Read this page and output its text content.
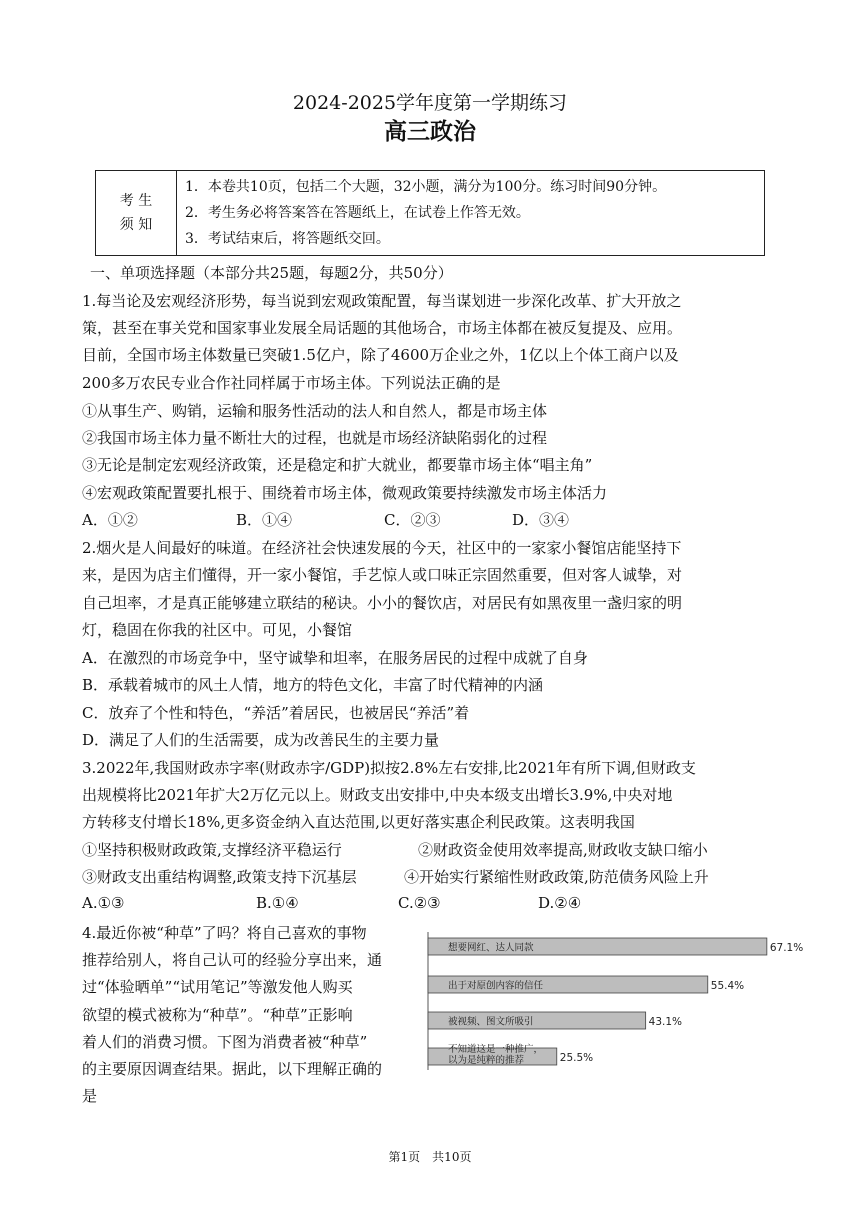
2024-2025学年度第一学期练习
高三政治
考 生
须 知

1．本卷共10页，包括二个大题，32小题，满分为100分。练习时间90分钟。
2．考生务必将答案答在答题纸上，在试卷上作答无效。
3．考试结束后，将答题纸交回。
一、单项选择题（本部分共25题，每题2分，共50分）
1.每当论及宏观经济形势，每当说到宏观政策配置，每当谋划进一步深化改革、扩大开放之
策，甚至在事关党和国家事业发展全局话题的其他场合，市场主体都在被反复提及、应用。
目前，全国市场主体数量已突破1.5亿户，除了4600万企业之外，1亿以上个体工商户以及
200多万农民专业合作社同样属于市场主体。下列说法正确的是
①从事生产、购销，运输和服务性活动的法人和自然人，都是市场主体
②我国市场主体力量不断壮大的过程，也就是市场经济缺陷弱化的过程
③无论是制定宏观经济政策，还是稳定和扩大就业，都要靠市场主体“唱主角”
④宏观政策配置要扎根于、围绕着市场主体，微观政策要持续激发市场主体活力
A．①②	B．①④	C．②③	D．③④
2.烟火是人间最好的味道。在经济社会快速发展的今天，社区中的一家家小餐馆店能坚持下
来，是因为店主们懂得，开一家小餐馆，手艺惊人或口味正宗固然重要，但对客人诚挚，对
自己坦率，才是真正能够建立联结的秘诀。小小的餐饮店，对居民有如黑夜里一盏归家的明
灯，稳固在你我的社区中。可见，小餐馆
A．在激烈的市场竞争中，坚守诚挚和坦率，在服务居民的过程中成就了自身
B．承载着城市的风土人情，地方的特色文化，丰富了时代精神的内涵
C．放弃了个性和特色，“养活”着居民，也被居民“养活”着
D．满足了人们的生活需要，成为改善民生的主要力量
3.2022年,我国财政赤字率(财政赤字/GDP)拟按2.8%左右安排,比2021年有所下调,但财政支
出规模将比2021年扩大2万亿元以上。财政支出安排中,中央本级支出增长3.9%,中央对地
方转移支付增长18%,更多资金纳入直达范围,以更好落实惠企利民政策。这表明我国
①坚持积极财政政策,支撑经济平稳运行	②财政资金使用效率提高,财政收支缺口缩小
③财政支出重结构调整,政策支持下沉基层	④开始实行紧缩性财政政策,防范债务风险上升
A.①③	B.①④	C.②③	D.②④
4.最近你被“种草”了吗？将自己喜欢的事物
推荐给别人，将自己认可的经验分享出来，通
过“体验晒单”“试用笔记”等激发他人购买
欲望的模式被称为“种草”。“种草”正影响
着人们的消费习惯。下图为消费者被“种草”
的主要原因调查结果。据此，以下理解正确的
是
想要网红、达人同款	67.1%
出于对原创内容的信任	55.4%
被视频、图文所吸引	43.1%
不知道这是一种推广，以为是纯粹的推荐	25.5%
第1页　共10页
